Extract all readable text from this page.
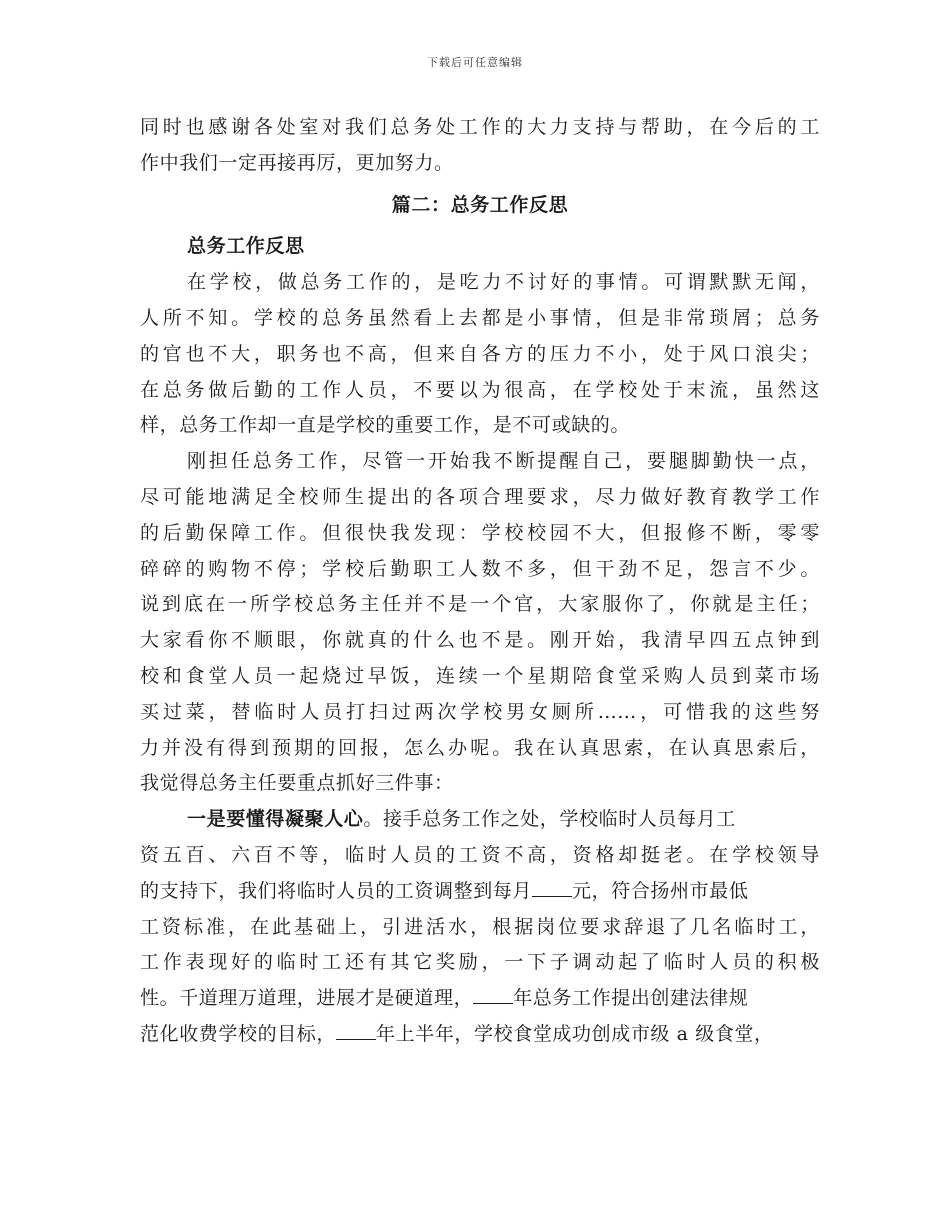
下载后可任意编辑
同时也感谢各处室对我们总务处工作的大力支持与帮助，在今后的工
作中我们一定再接再厉，更加努力。
篇二：总务工作反思
总务工作反思
在学校，做总务工作的，是吃力不讨好的事情。可谓默默无闻，
人所不知。学校的总务虽然看上去都是小事情，但是非常琐屑；总务
的官也不大，职务也不高，但来自各方的压力不小，处于风口浪尖；
在总务做后勤的工作人员，不要以为很高，在学校处于末流，虽然这
样，总务工作却一直是学校的重要工作，是不可或缺的。
刚担任总务工作，尽管一开始我不断提醒自己，要腿脚勤快一点，
尽可能地满足全校师生提出的各项合理要求，尽力做好教育教学工作
的后勤保障工作。但很快我发现：学校校园不大，但报修不断，零零
碎碎的购物不停；学校后勤职工人数不多，但干劲不足，怨言不少。
说到底在一所学校总务主任并不是一个官，大家服你了，你就是主任；
大家看你不顺眼，你就真的什么也不是。刚开始，我清早四五点钟到
校和食堂人员一起烧过早饭，连续一个星期陪食堂采购人员到菜市场
买过菜，替临时人员打扫过两次学校男女厕所……，可惜我的这些努
力并没有得到预期的回报，怎么办呢。我在认真思索，在认真思索后，
我觉得总务主任要重点抓好三件事：
一是要懂得凝聚人心。接手总务工作之处，学校临时人员每月工
资五百、六百不等，临时人员的工资不高，资格却挺老。在学校领导
的支持下，我们将临时人员的工资调整到每月 元，符合扬州市最低
工资标准，在此基础上，引进活水，根据岗位要求辞退了几名临时工，
工作表现好的临时工还有其它奖励，一下子调动起了临时人员的积极
性。千道理万道理，进展才是硬道理， 年总务工作提出创建法律规
范化收费学校的目标， 年上半年，学校食堂成功创成市级 a 级食堂，
